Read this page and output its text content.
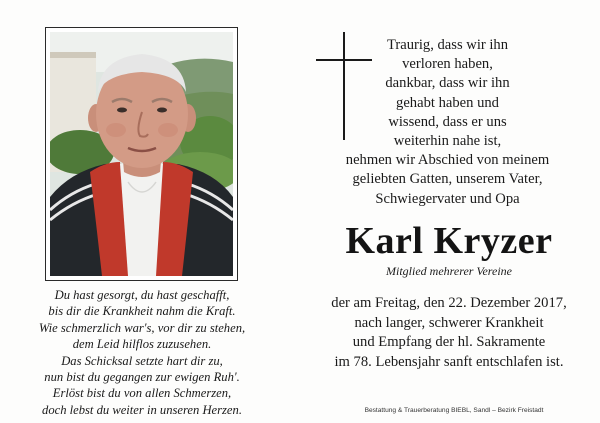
Traurig, dass wir ihn
verloren haben,
dankbar, dass wir ihn
gehabt haben und
wissend, dass er uns
weiterhin nahe ist,
nehmen wir Abschied von meinem
geliebten Gatten, unserem Vater,
Schwiegervater und Opa
Karl Kryzer
Mitglied mehrerer Vereine
der am Freitag, den 22. Dezember 2017,
nach langer, schwerer Krankheit
und Empfang der hl. Sakramente
im 78. Lebensjahr sanft entschlafen ist.
Du hast gesorgt, du hast geschafft,
bis dir die Krankheit nahm die Kraft.
Wie schmerzlich war's, vor dir zu stehen,
dem Leid hilflos zuzusehen.
Das Schicksal setzte hart dir zu,
nun bist du gegangen zur ewigen Ruh'.
Erlöst bist du von allen Schmerzen,
doch lebst du weiter in unseren Herzen.	Bestattung & Trauerberatung BIEBL, Sandl – Bezirk Freistadt
